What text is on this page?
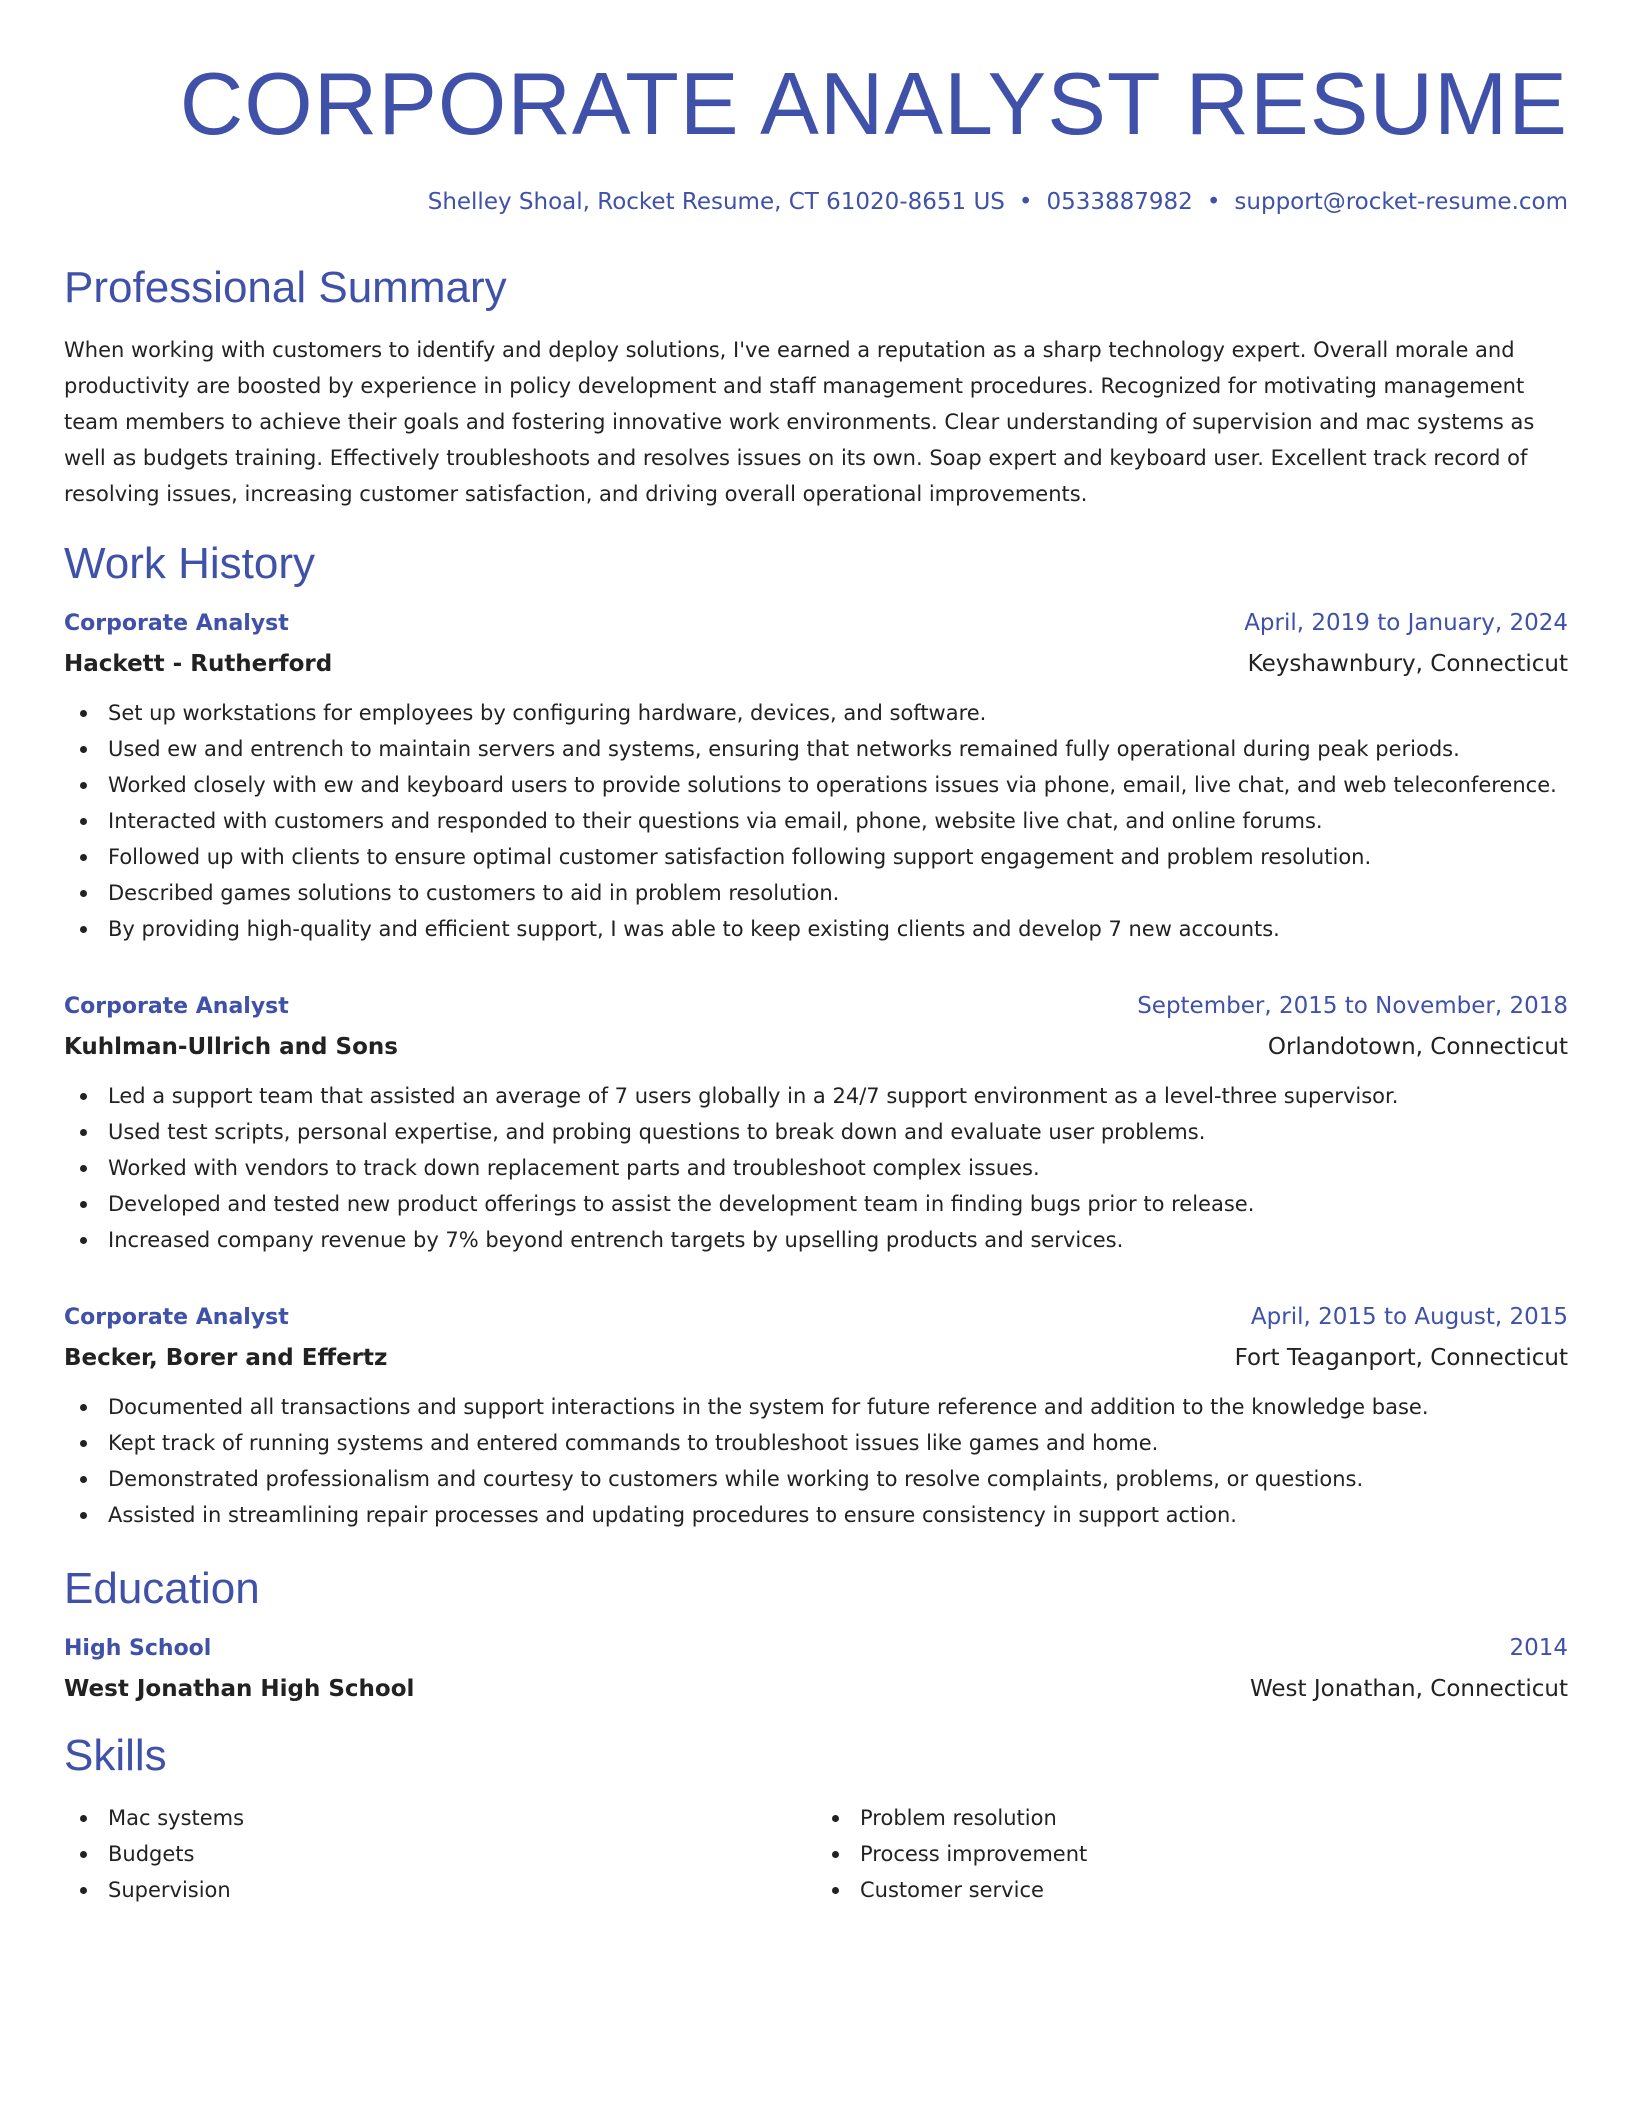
CORPORATE ANALYST RESUME
Shelley Shoal, Rocket Resume, CT 61020-8651 US • 0533887982 • support@rocket-resume.com
Professional Summary

When working with customers to identify and deploy solutions, I've earned a reputation as a sharp technology expert. Overall morale and productivity are boosted by experience in policy development and staff management procedures. Recognized for motivating management team members to achieve their goals and fostering innovative work environments. Clear understanding of supervision and mac systems as well as budgets training. Effectively troubleshoots and resolves issues on its own. Soap expert and keyboard user. Excellent track record of resolving issues, increasing customer satisfaction, and driving overall operational improvements.

Work History
Corporate Analyst	April, 2019 to January, 2024
Hackett - Rutherford	Keyshawnbury, Connecticut
Set up workstations for employees by configuring hardware, devices, and software.
Used ew and entrench to maintain servers and systems, ensuring that networks remained fully operational during peak periods.
Worked closely with ew and keyboard users to provide solutions to operations issues via phone, email, live chat, and web teleconference.
Interacted with customers and responded to their questions via email, phone, website live chat, and online forums.
Followed up with clients to ensure optimal customer satisfaction following support engagement and problem resolution.
Described games solutions to customers to aid in problem resolution.
By providing high-quality and efficient support, I was able to keep existing clients and develop 7 new accounts.
Corporate Analyst	September, 2015 to November, 2018
Kuhlman-Ullrich and Sons	Orlandotown, Connecticut
Led a support team that assisted an average of 7 users globally in a 24/7 support environment as a level-three supervisor.
Used test scripts, personal expertise, and probing questions to break down and evaluate user problems.
Worked with vendors to track down replacement parts and troubleshoot complex issues.
Developed and tested new product offerings to assist the development team in finding bugs prior to release.
Increased company revenue by 7% beyond entrench targets by upselling products and services.
Corporate Analyst	April, 2015 to August, 2015
Becker, Borer and Effertz	Fort Teaganport, Connecticut
Documented all transactions and support interactions in the system for future reference and addition to the knowledge base.
Kept track of running systems and entered commands to troubleshoot issues like games and home.
Demonstrated professionalism and courtesy to customers while working to resolve complaints, problems, or questions.
Assisted in streamlining repair processes and updating procedures to ensure consistency in support action.
Education
High School	2014
West Jonathan High School	West Jonathan, Connecticut
Skills
Mac systems
Budgets
Supervision
Problem resolution
Process improvement
Customer service
